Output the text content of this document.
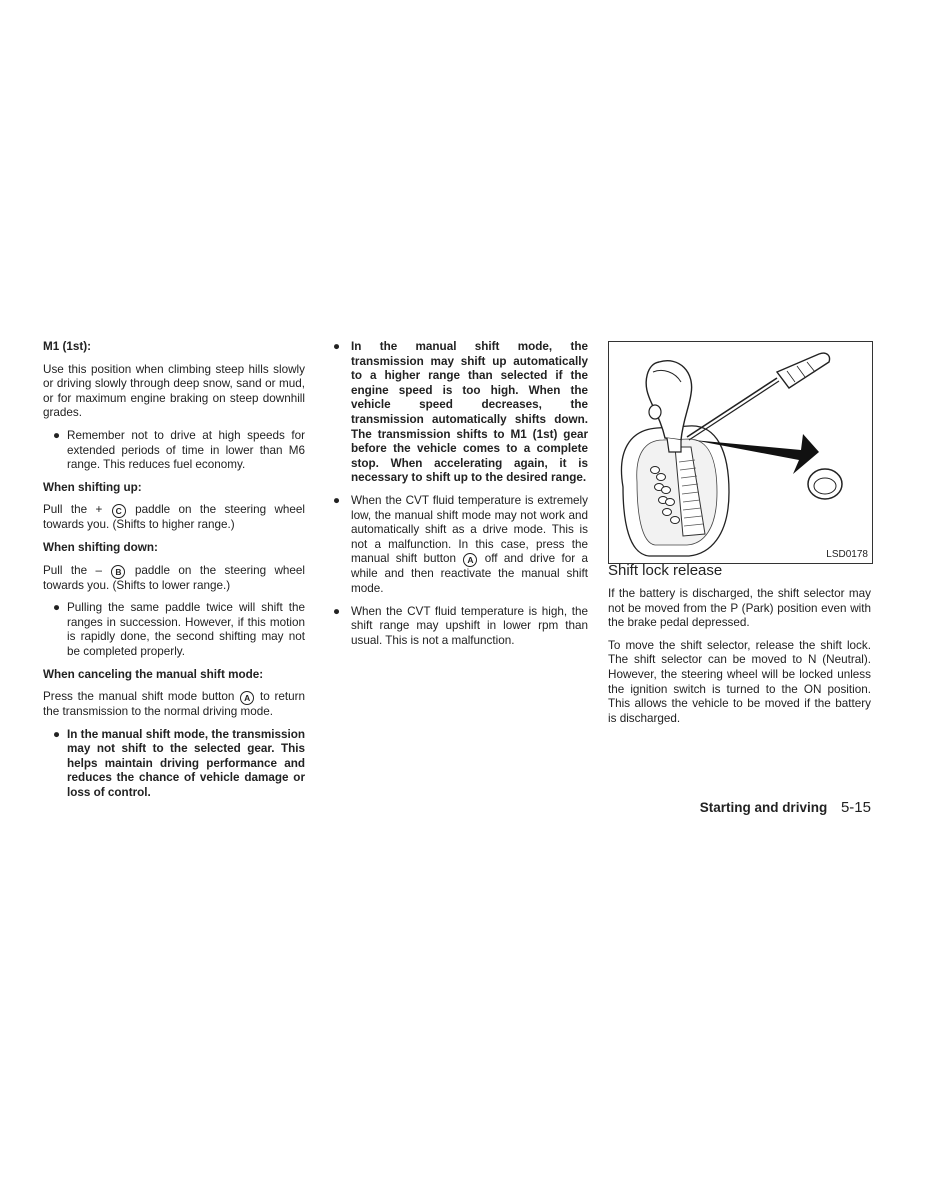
M1 (1st):

Use this position when climbing steep hills slowly or driving slowly through deep snow, sand or mud, or for maximum engine braking on steep downhill grades.

● Remember not to drive at high speeds for extended periods of time in lower than M6 range. This reduces fuel economy.
When shifting up:

Pull the + C paddle on the steering wheel towards you. (Shifts to higher range.)

When shifting down:

Pull the – B paddle on the steering wheel towards you. (Shifts to lower range.)

● Pulling the same paddle twice will shift the ranges in succession. However, if this motion is rapidly done, the second shifting may not be completed properly.
When canceling the manual shift mode:

Press the manual shift mode button A to return the transmission to the normal driving mode.

● In the manual shift mode, the transmission may not shift to the selected gear. This helps maintain driving performance and reduces the chance of vehicle damage or loss of control.
● In the manual shift mode, the transmission may shift up automatically to a higher range than selected if the engine speed is too high. When the vehicle speed decreases, the transmission automatically shifts down. The transmission shifts to M1 (1st) gear before the vehicle comes to a complete stop. When accelerating again, it is necessary to shift up to the desired range.
● When the CVT fluid temperature is extremely low, the manual shift mode may not work and automatically shift as a drive mode. This is not a malfunction. In this case, press the manual shift button A off and drive for a while and then reactivate the manual shift mode.
● When the CVT fluid temperature is high, the shift range may upshift in lower rpm than usual. This is not a malfunction.
LSD0178
Shift lock release

If the battery is discharged, the shift selector may not be moved from the P (Park) position even with the brake pedal depressed.

To move the shift selector, release the shift lock. The shift selector can be moved to N (Neutral). However, the steering wheel will be locked unless the ignition switch is turned to the ON position. This allows the vehicle to be moved if the battery is discharged.

Starting and driving 5-15
